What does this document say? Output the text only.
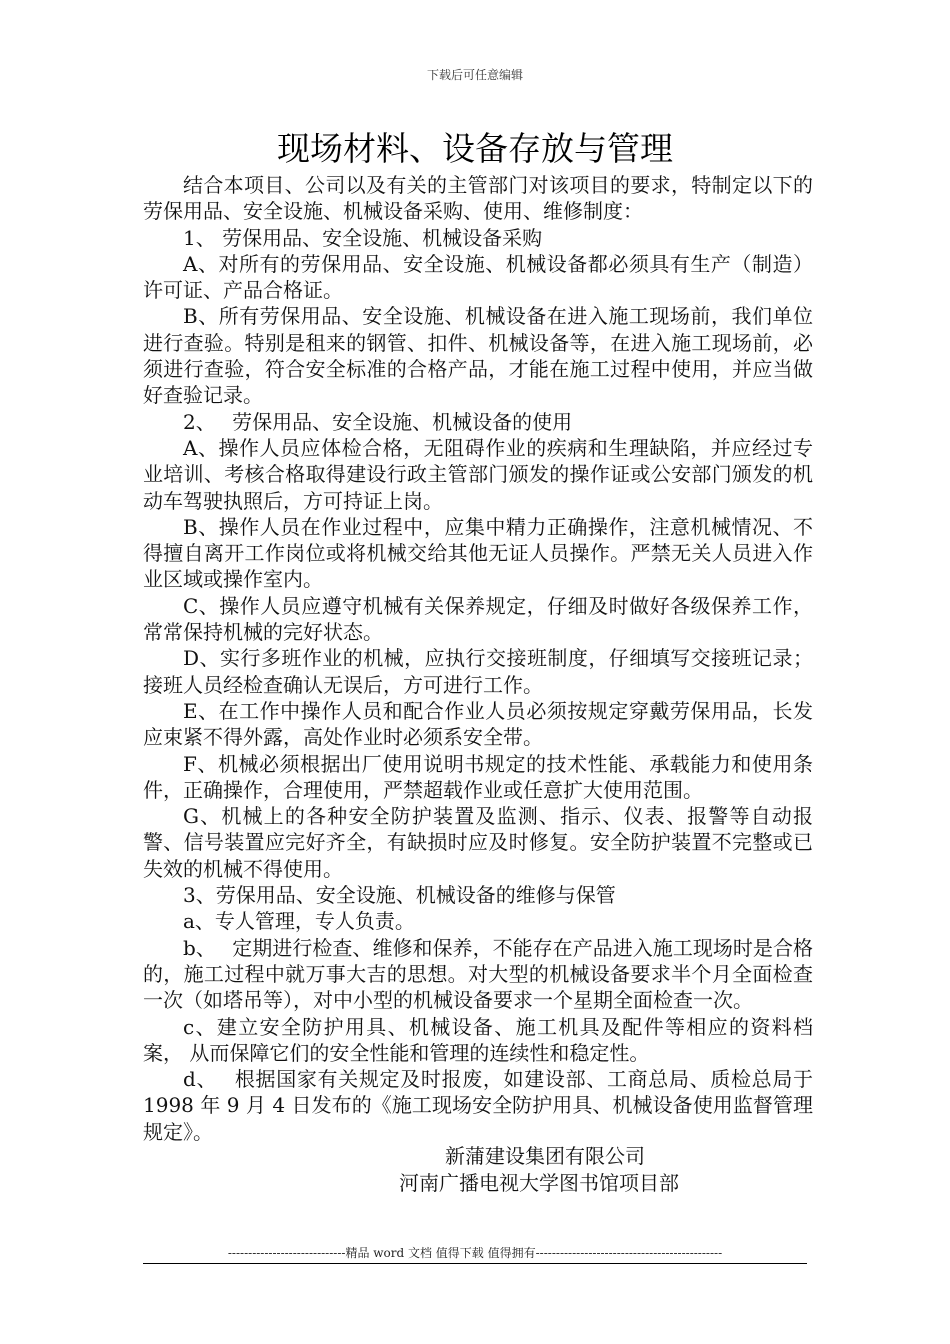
下载后可任意编辑
现场材料、设备存放与管理

结合本项目、公司以及有关的主管部门对该项目的要求，特制定以下的劳保用品、安全设施、机械设备采购、使用、维修制度：

1、 劳保用品、安全设施、机械设备采购

A、对所有的劳保用品、安全设施、机械设备都必须具有生产（制造）许可证、产品合格证。

B、所有劳保用品、安全设施、机械设备在进入施工现场前，我们单位进行查验。特别是租来的钢管、扣件、机械设备等，在进入施工现场前，必须进行查验，符合安全标准的合格产品，才能在施工过程中使用，并应当做好查验记录。

2、　 劳保用品、安全设施、机械设备的使用

A、操作人员应体检合格，无阻碍作业的疾病和生理缺陷，并应经过专业培训、考核合格取得建设行政主管部门颁发的操作证或公安部门颁发的机动车驾驶执照后，方可持证上岗。

B、操作人员在作业过程中，应集中精力正确操作，注意机械情况、不得擅自离开工作岗位或将机械交给其他无证人员操作。严禁无关人员进入作业区域或操作室内。

C、操作人员应遵守机械有关保养规定，仔细及时做好各级保养工作，常常保持机械的完好状态。

D、实行多班作业的机械，应执行交接班制度，仔细填写交接班记录；接班人员经检查确认无误后，方可进行工作。

E、在工作中操作人员和配合作业人员必须按规定穿戴劳保用品，长发应束紧不得外露，高处作业时必须系安全带。

F、机械必须根据出厂使用说明书规定的技术性能、承载能力和使用条件，正确操作，合理使用，严禁超载作业或任意扩大使用范围。

G、机械上的各种安全防护装置及监测、指示、仪表、报警等自动报警、信号装置应完好齐全，有缺损时应及时修复。安全防护装置不完整或已失效的机械不得使用。

3、劳保用品、安全设施、机械设备的维修与保管

a、专人管理，专人负责。

b、　 定期进行检查、维修和保养，不能存在产品进入施工现场时是合格的，施工过程中就万事大吉的思想。对大型的机械设备要求半个月全面检查一次（如塔吊等），对中小型的机械设备要求一个星期全面检查一次。

c、建立安全防护用具、机械设备、施工机具及配件等相应的资料档案， 从而保障它们的安全性能和管理的连续性和稳定性。

d、　 根据国家有关规定及时报废，如建设部、工商总局、质检总局于 1998 年 9 月 4 日发布的《施工现场安全防护用具、机械设备使用监督管理规定》。

新蒲建设集团有限公司
河南广播电视大学图书馆项目部
-----------------------------精品 word 文档 值得下载 值得拥有----------------------------------------------
